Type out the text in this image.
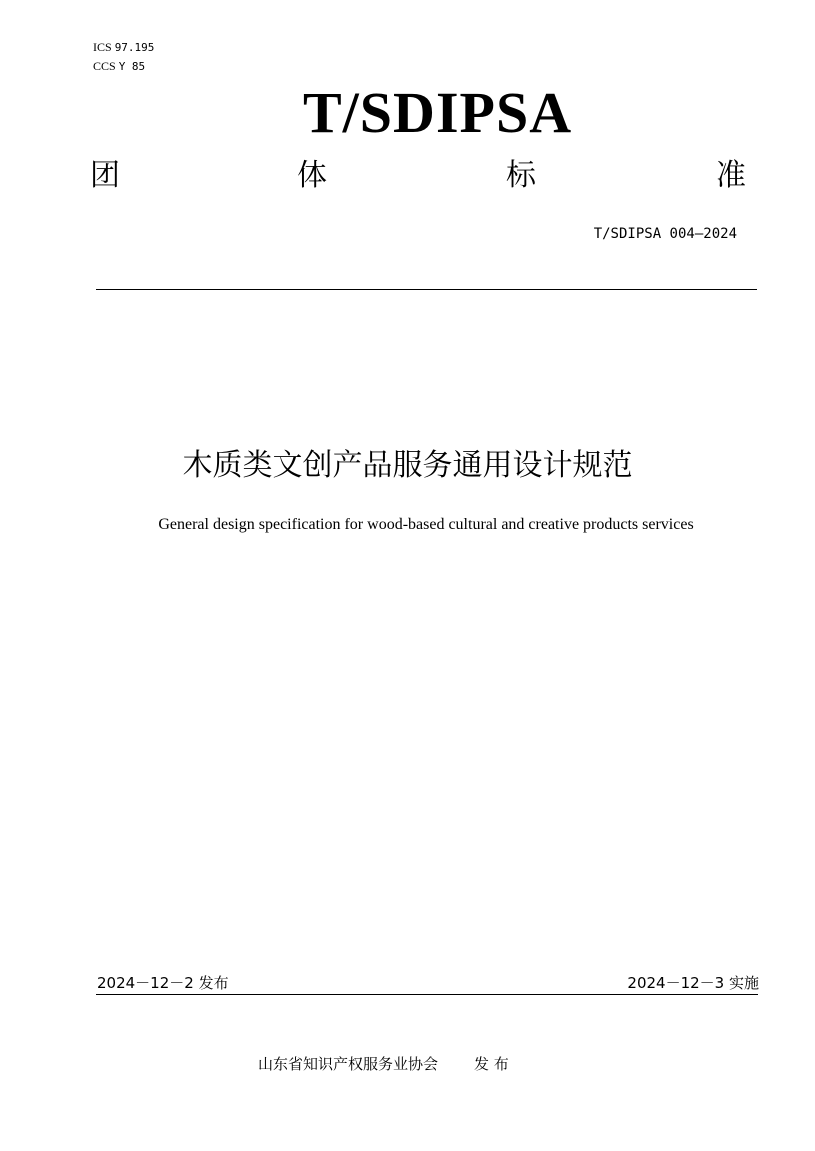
ICS 97.195
CCS Y 85
T/SDIPSA
团	体	标	准
T/SDIPSA 004—2024
木质类文创产品服务通用设计规范
General design specification for wood-based cultural and creative products services
2024－12－2 发布	2024－12－3 实施
山东省知识产权服务业协会 发 布
